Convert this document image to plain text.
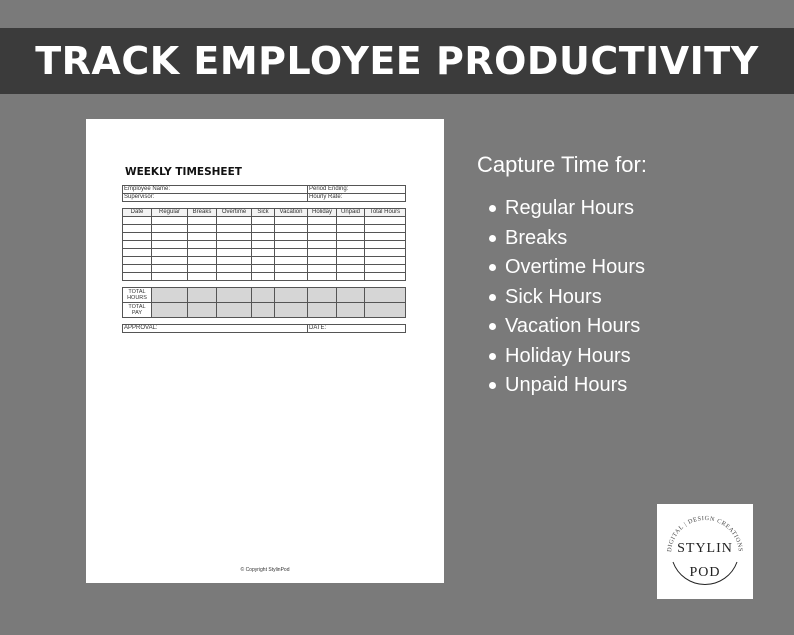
TRACK EMPLOYEE PRODUCTIVITY
WEEKLY TIMESHEET
Employee Name:						Period Ending:		
Supervisor:						Hourly Rate:		

Date	Regular	Breaks	Overtime	Sick	Vacation	Holiday	Unpaid	Total Hours

TOTAL HOURS								
TOTAL PAY								

APPROVAL:						DATE:		
© Copyright StylinPod
Capture Time for:
Regular Hours
Breaks
Overtime Hours
Sick Hours
Vacation Hours
Holiday Hours
Unpaid Hours
DIGITAL | DESIGN CREATIONS
STYLIN
POD
